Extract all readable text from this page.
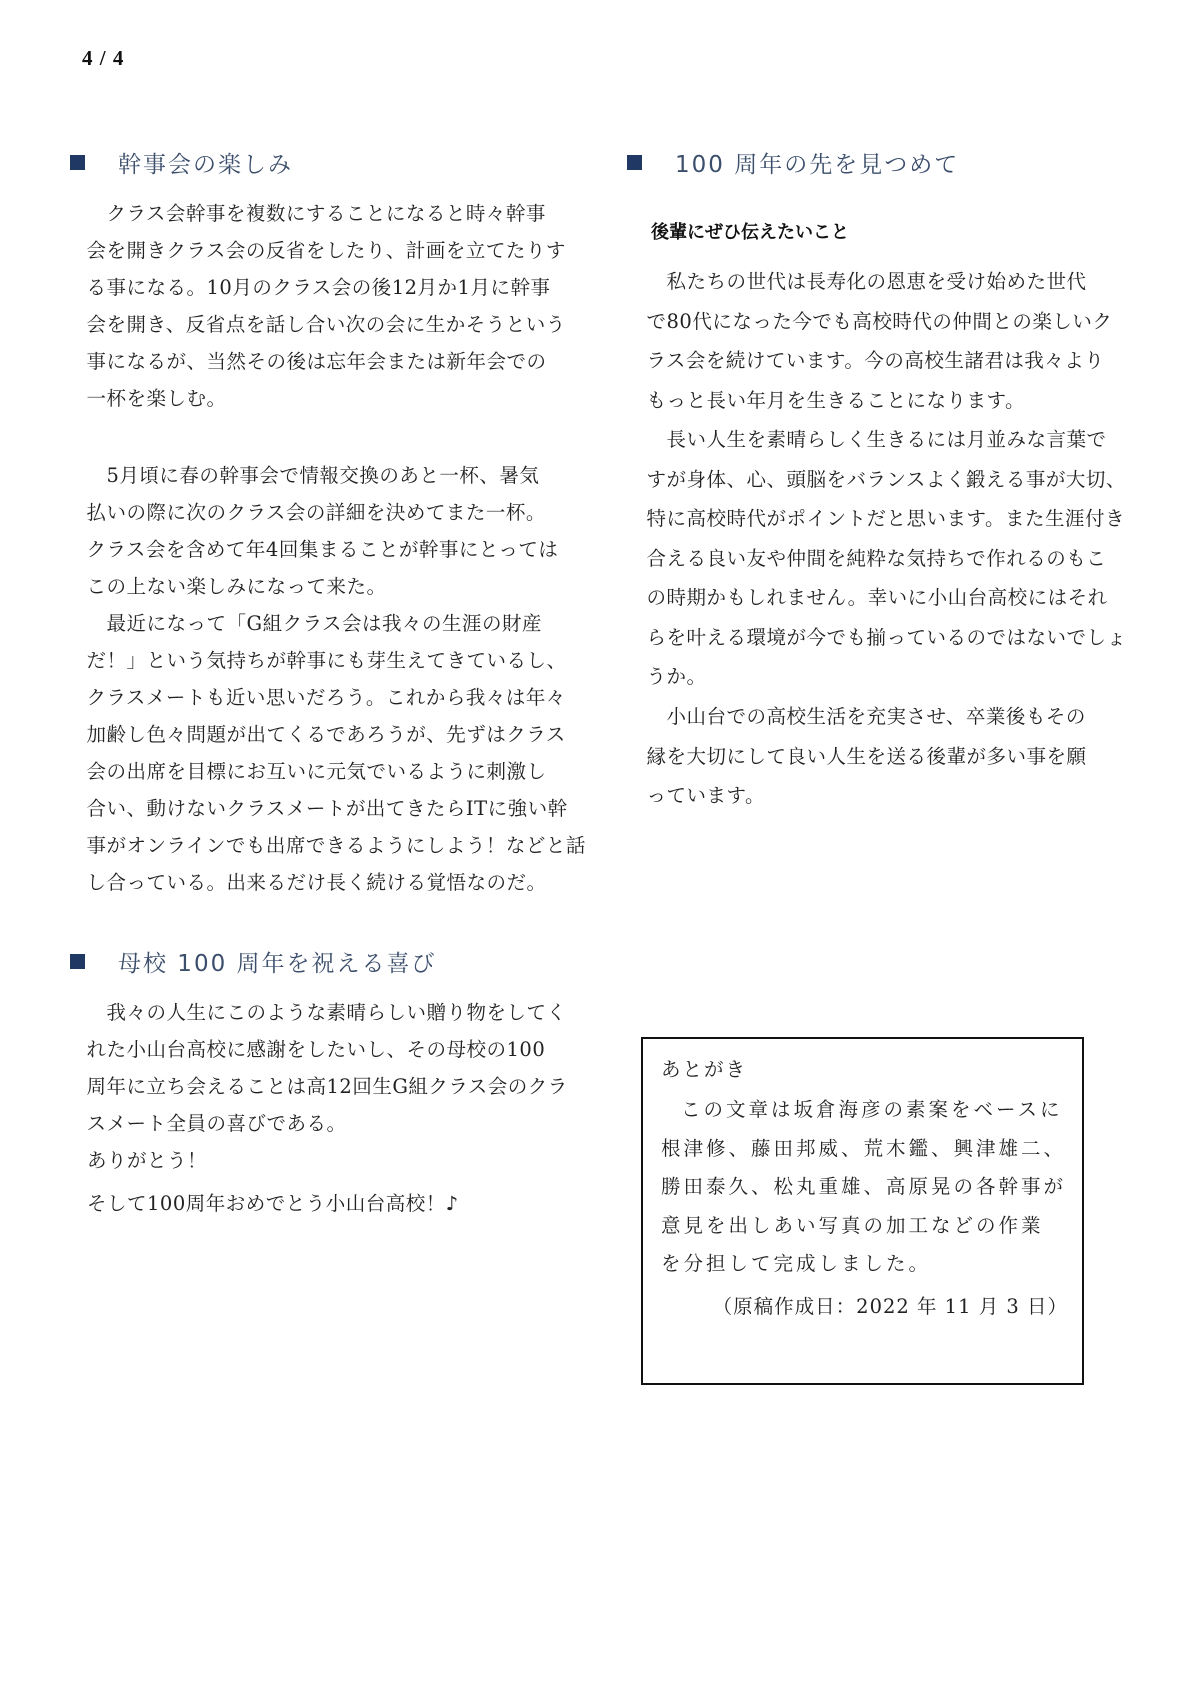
4 / 4
幹事会の楽しみ
クラス会幹事を複数にすることになると時々幹事
会を開きクラス会の反省をしたり、計画を立てたりす
る事になる。10月のクラス会の後12月か1月に幹事
会を開き、反省点を話し合い次の会に生かそうという
事になるが、当然その後は忘年会または新年会での
一杯を楽しむ。
5月頃に春の幹事会で情報交換のあと一杯、暑気
払いの際に次のクラス会の詳細を決めてまた一杯。
クラス会を含めて年4回集まることが幹事にとっては
この上ない楽しみになって来た。
最近になって「G組クラス会は我々の生涯の財産
だ！」という気持ちが幹事にも芽生えてきているし、
クラスメートも近い思いだろう。これから我々は年々
加齢し色々問題が出てくるであろうが、先ずはクラス
会の出席を目標にお互いに元気でいるように刺激し
合い、動けないクラスメートが出てきたらITに強い幹
事がオンラインでも出席できるようにしよう！などと話
し合っている。出来るだけ長く続ける覚悟なのだ。
母校 100 周年を祝える喜び
我々の人生にこのような素晴らしい贈り物をしてく
れた小山台高校に感謝をしたいし、その母校の100
周年に立ち会えることは高12回生G組クラス会のクラ
スメート全員の喜びである。
ありがとう！
そして100周年おめでとう小山台高校！♪
100 周年の先を見つめて
後輩にぜひ伝えたいこと
私たちの世代は長寿化の恩恵を受け始めた世代
で80代になった今でも高校時代の仲間との楽しいク
ラス会を続けています。今の高校生諸君は我々より
もっと長い年月を生きることになります。
長い人生を素晴らしく生きるには月並みな言葉で
すが身体、心、頭脳をバランスよく鍛える事が大切、
特に高校時代がポイントだと思います。また生涯付き
合える良い友や仲間を純粋な気持ちで作れるのもこ
の時期かもしれません。幸いに小山台高校にはそれ
らを叶える環境が今でも揃っているのではないでしょ
うか。
小山台での高校生活を充実させ、卒業後もその
縁を大切にして良い人生を送る後輩が多い事を願
っています。
あとがき
この文章は坂倉海彦の素案をベースに
根津修、藤田邦威、荒木鑑、興津雄二、
勝田泰久、松丸重雄、高原晃の各幹事が
意見を出しあい写真の加工などの作業
を分担して完成しました。
（原稿作成日：2022 年 11 月 3 日）
